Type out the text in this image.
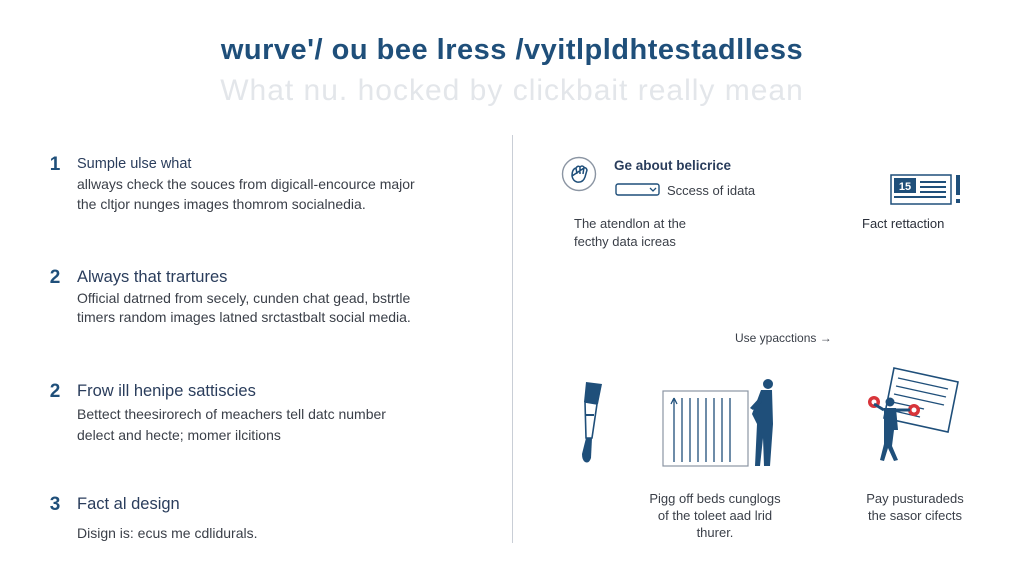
wurve'/ ou bee lress /vyitlpldhtestadlless
What nu. hocked by clickbait really mean
1	Sumple ulse what
allways check the souces from digicall-encource major
the cltjor nunges images thomrom socialnedia.
2	Always that trartures
Official datrned from secely, cunden chat gead, bstrtle
timers random images latned srctastbalt social media.
2	Frow ill henipe sattiscies
Bettect theesirorech of meachers tell datc number
delect and hecte; momer ilcitions
3	Fact al design
Disign is: ecus me cdlidurals.
Ge about belicrice
Sccess of idata
The atendlon at the
fecthy data icreas
15
Fact rettaction
Use ypacctions →
Pigg off beds cunglogs
of the toleet aad lrid
thurer.
Pay pusturadeds
the sasor cifects
